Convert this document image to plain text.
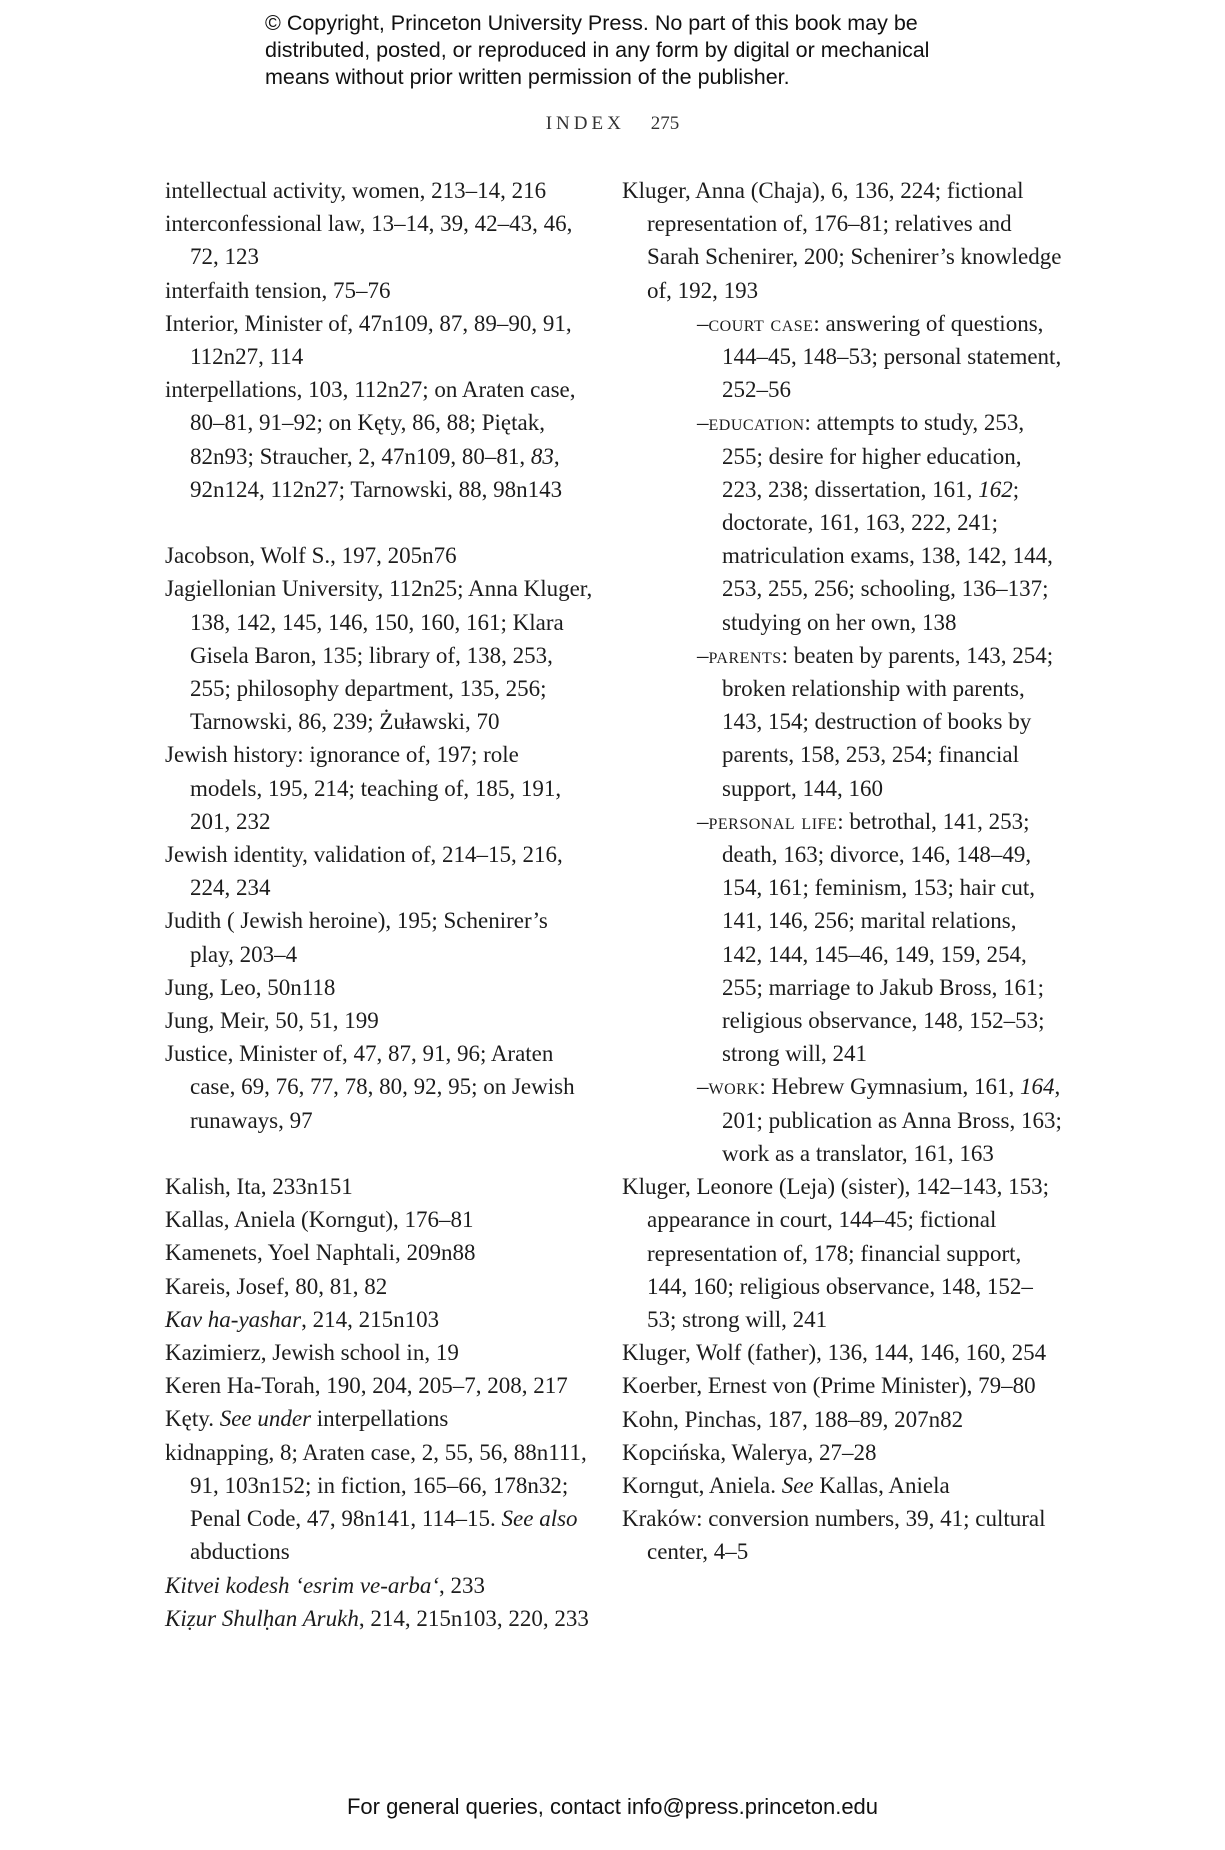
© Copyright, Princeton University Press. No part of this book may be
distributed, posted, or reproduced in any form by digital or mechanical
means without prior written permission of the publisher.
INDEX 275
intellectual activity, women, 213–14, 216
interconfessional law, 13–14, 39, 42–43, 46, 72, 123
interfaith tension, 75–76
Interior, Minister of, 47n109, 87, 89–90, 91, 112n27, 114
interpellations, 103, 112n27; on Araten case, 80–81, 91–92; on Kęty, 86, 88; Piętak, 82n93; Straucher, 2, 47n109, 80–81, 83, 92n124, 112n27; Tarnowski, 88, 98n143
Jacobson, Wolf S., 197, 205n76
Jagiellonian University, 112n25; Anna Kluger, 138, 142, 145, 146, 150, 160, 161; Klara Gisela Baron, 135; library of, 138, 253, 255; philosophy department, 135, 256; Tarnowski, 86, 239; Żuławski, 70
Jewish history: ignorance of, 197; role models, 195, 214; teaching of, 185, 191, 201, 232
Jewish identity, validation of, 214–15, 216, 224, 234
Judith ( Jewish heroine), 195; Schenirer’s play, 203–4
Jung, Leo, 50n118
Jung, Meir, 50, 51, 199
Justice, Minister of, 47, 87, 91, 96; Araten case, 69, 76, 77, 78, 80, 92, 95; on Jewish runaways, 97
Kalish, Ita, 233n151
Kallas, Aniela (Korngut), 176–81
Kamenets, Yoel Naphtali, 209n88
Kareis, Josef, 80, 81, 82
Kav ha-yashar, 214, 215n103
Kazimierz, Jewish school in, 19
Keren Ha-Torah, 190, 204, 205–7, 208, 217
Kęty. See under interpellations
kidnapping, 8; Araten case, 2, 55, 56, 88n111, 91, 103n152; in fiction, 165–66, 178n32; Penal Code, 47, 98n141, 114–15. See also abductions
Kitvei kodesh ‘esrim ve-arba‘, 233
Kiẓur Shulḥan Arukh, 214, 215n103, 220, 233
Kluger, Anna (Chaja), 6, 136, 224; fictional representation of, 176–81; relatives and Sarah Schenirer, 200; Schenirer’s knowledge of, 192, 193
–court case: answering of questions, 144–45, 148–53; personal statement, 252–56
–education: attempts to study, 253, 255; desire for higher education, 223, 238; dissertation, 161, 162; doctorate, 161, 163, 222, 241; matriculation exams, 138, 142, 144, 253, 255, 256; schooling, 136–137; studying on her own, 138
–parents: beaten by parents, 143, 254; broken relationship with parents, 143, 154; destruction of books by parents, 158, 253, 254; financial support, 144, 160
–personal life: betrothal, 141, 253; death, 163; divorce, 146, 148–49, 154, 161; feminism, 153; hair cut, 141, 146, 256; marital relations, 142, 144, 145–46, 149, 159, 254, 255; marriage to Jakub Bross, 161; religious observance, 148, 152–53; strong will, 241
–work: Hebrew Gymnasium, 161, 164, 201; publication as Anna Bross, 163; work as a translator, 161, 163
Kluger, Leonore (Leja) (sister), 142–143, 153; appearance in court, 144–45; fictional representation of, 178; financial support, 144, 160; religious observance, 148, 152–53; strong will, 241
Kluger, Wolf (father), 136, 144, 146, 160, 254
Koerber, Ernest von (Prime Minister), 79–80
Kohn, Pinchas, 187, 188–89, 207n82
Kopcińska, Walerya, 27–28
Korngut, Aniela. See Kallas, Aniela
Kraków: conversion numbers, 39, 41; cultural center, 4–5
For general queries, contact info@press.princeton.edu
